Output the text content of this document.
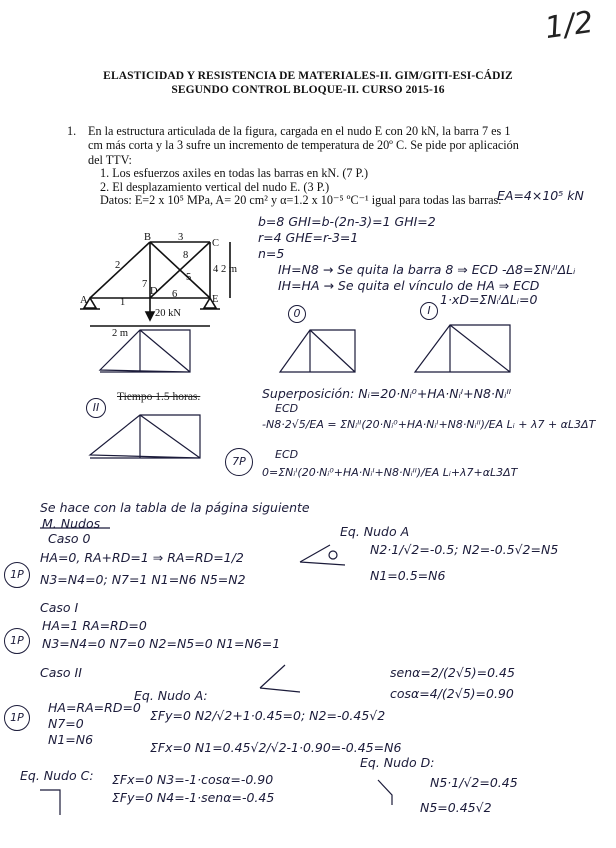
1/2
ELASTICIDAD Y RESISTENCIA DE MATERIALES-II. GIM/GITI-ESI-CÁDIZ
SEGUNDO CONTROL BLOQUE-II. CURSO 2015-16
1. En la estructura articulada de la figura, cargada en el nudo E con 20 kN, la barra 7 es 1 cm más corta y la 3 sufre un incremento de temperatura de 20º C. Se pide por aplicación del TTV:
1. Los esfuerzos axiles en todas las barras en kN. (7 P.)
2. El desplazamiento vertical del nudo E. (3 P.)
Datos: E=2 x 10⁵ MPa, A= 20 cm² y α=1.2 x 10⁻⁵ ºC⁻¹ igual para todas las barras.
EA=4×10⁵ kN
B
C
A	E
D
1
2
3
4
5
6
7
8
20 kN
2 m
2 m
b=8 GHI=b-(2n-3)=1 GHI=2
r=4 GHE=r-3=1
n=5
IH=N8 → Se quita la barra 8 ⇒ ECD -Δ8=ΣNᵢᴵᴵΔLᵢ
IH=HA → Se quita el vínculo de HA ⇒ ECD
1·xD=ΣNᵢᴵΔLᵢ=0
0	I
II
Tiempo 1.5 horas.	Superposición: Nᵢ=20·Nᵢ⁰+HA·Nᵢᴵ+N8·Nᵢᴵᴵ
ECD
-N8·2√5/EA = ΣNᵢᴵᴵ(20·Nᵢ⁰+HA·Nᵢᴵ+N8·Nᵢᴵᴵ)/EA Lᵢ + λ7 + αL3ΔT
7P
ECD
0=ΣNᵢᴵ(20·Nᵢ⁰+HA·Nᵢᴵ+N8·Nᵢᴵᴵ)/EA Lᵢ+λ7+αL3ΔT
Se hace con la tabla de la página siguiente
M. Nudos
Caso 0
HA=0, RA+RD=1 ⇒ RA=RD=1/2
1P	N3=N4=0; N7=1 N1=N6 N5=N2
Eq. Nudo A
N2·1/√2=-0.5; N2=-0.5√2=N5
N1=0.5=N6
Caso I
HA=1 RA=RD=0
1P	N3=N4=0 N7=0 N2=N5=0 N1=N6=1
Caso II
Eq. Nudo A:
senα=2/(2√5)=0.45
cosα=4/(2√5)=0.90
1P
HA=RA=RD=0
N7=0
N1=N6
ΣFy=0 N2/√2+1·0.45=0; N2=-0.45√2
ΣFx=0 N1=0.45√2/√2-1·0.90=-0.45=N6
Eq. Nudo C: ΣFx=0 N3=-1·cosα=-0.90
ΣFy=0 N4=-1·senα=-0.45
Eq. Nudo D:
N5·1/√2=0.45
N5=0.45√2
